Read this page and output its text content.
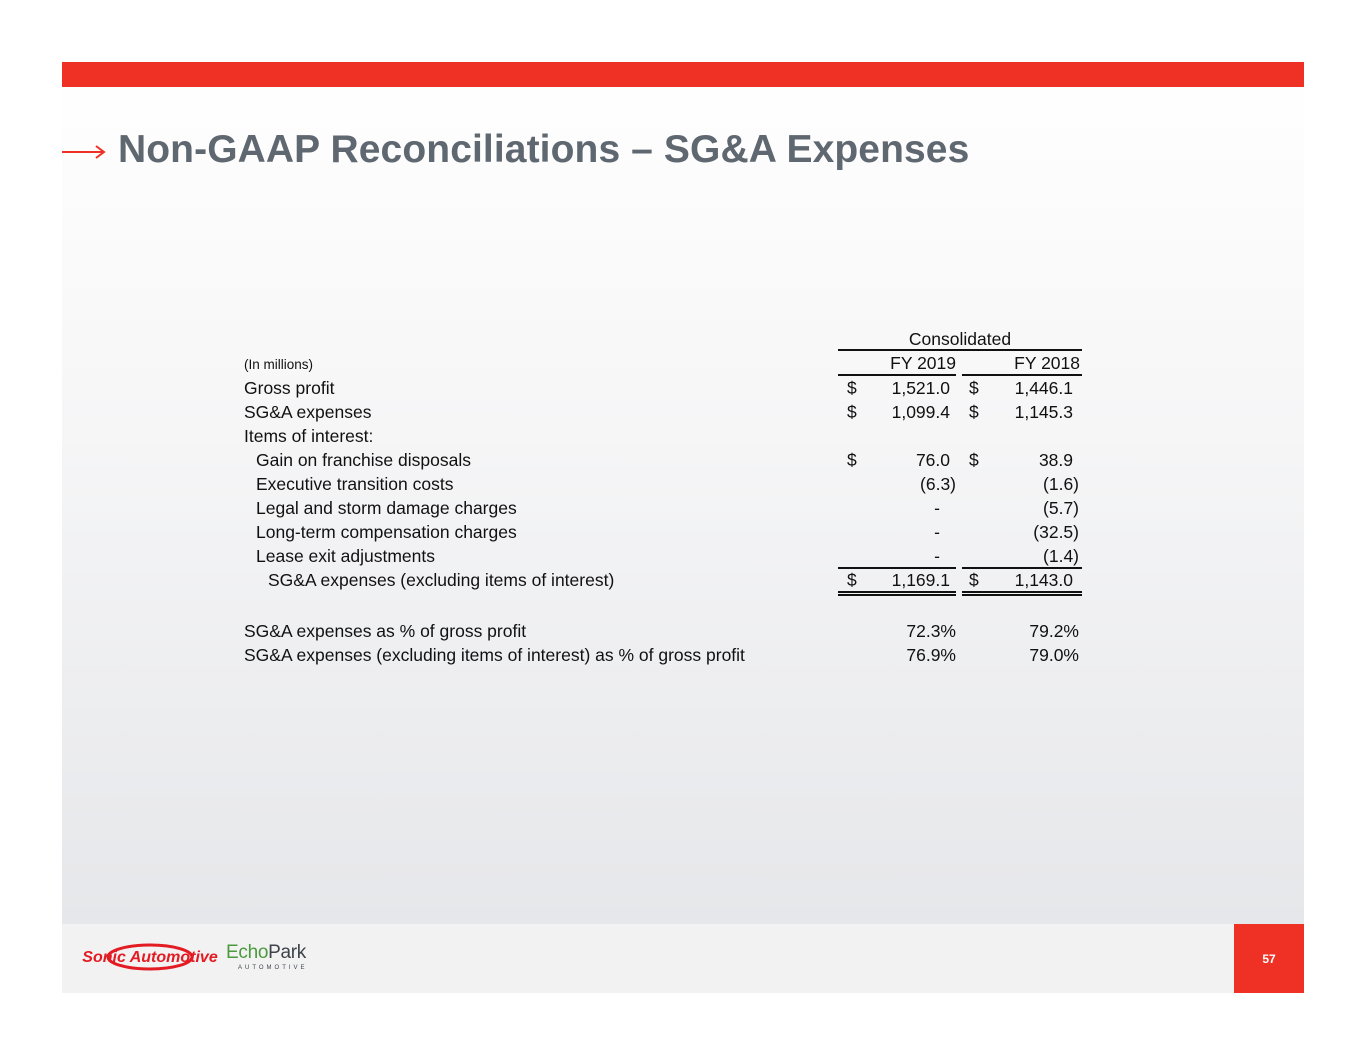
Non-GAAP Reconciliations – SG&A Expenses
Consolidated
(In millions)	FY 2019	FY 2018
Gross profit	$	1,521.0 $	1,446.1
SG&A expenses	$	1,099.4 $	1,145.3
Items of interest:
Gain on franchise disposals	$	76.0 $	38.9
Executive transition costs	(6.3)	(1.6)
Legal and storm damage charges	-	(5.7)
Long-term compensation charges	-	(32.5)
Lease exit adjustments	-	(1.4)
SG&A expenses (excluding items of interest)	$	1,169.1 $	1,143.0
SG&A expenses as % of gross profit	72.3%	79.2%
SG&A expenses (excluding items of interest) as % of gross profit	76.9%	79.0%
Sonic Automotive EchoPark
AUTOMOTIVE
57
